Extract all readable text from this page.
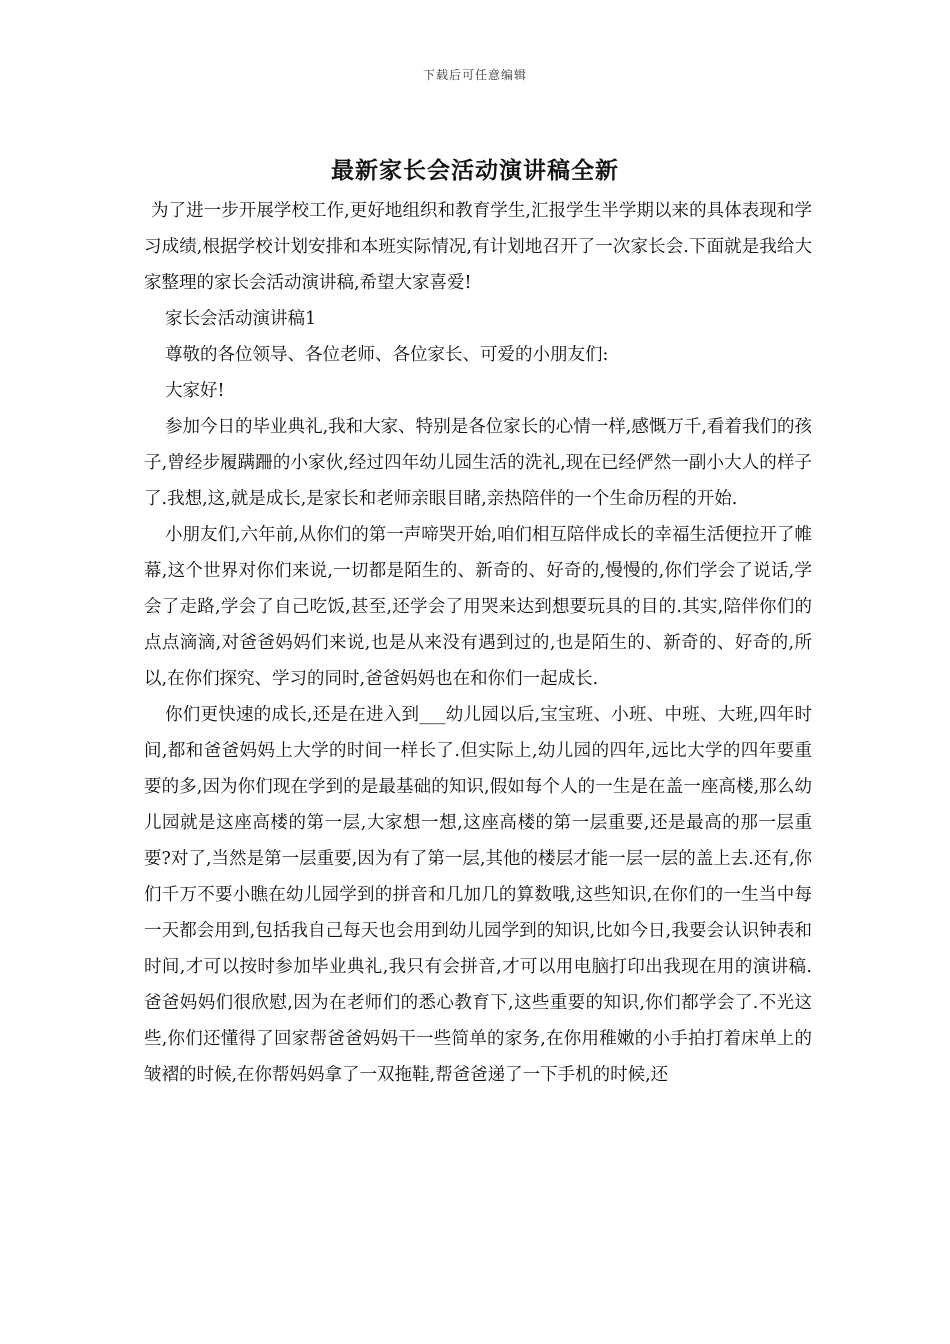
下载后可任意编辑
最新家长会活动演讲稿全新

为了进一步开展学校工作,更好地组织和教育学生,汇报学生半学期以来的具体表现和学习成绩,根据学校计划安排和本班实际情况,有计划地召开了一次家长会.下面就是我给大家整理的家长会活动演讲稿,希望大家喜爱!

家长会活动演讲稿1

尊敬的各位领导、各位老师、各位家长、可爱的小朋友们:

大家好!

参加今日的毕业典礼,我和大家、特别是各位家长的心情一样,感慨万千,看着我们的孩子,曾经步履蹒跚的小家伙,经过四年幼儿园生活的洗礼,现在已经俨然一副小大人的样子了.我想,这,就是成长,是家长和老师亲眼目睹,亲热陪伴的一个生命历程的开始.

小朋友们,六年前,从你们的第一声啼哭开始,咱们相互陪伴成长的幸福生活便拉开了帷幕,这个世界对你们来说,一切都是陌生的、新奇的、好奇的,慢慢的,你们学会了说话,学会了走路,学会了自己吃饭,甚至,还学会了用哭来达到想要玩具的目的.其实,陪伴你们的点点滴滴,对爸爸妈妈们来说,也是从来没有遇到过的,也是陌生的、新奇的、好奇的,所以,在你们探究、学习的同时,爸爸妈妈也在和你们一起成长.

你们更快速的成长,还是在进入到___幼儿园以后,宝宝班、小班、中班、大班,四年时间,都和爸爸妈妈上大学的时间一样长了.但实际上,幼儿园的四年,远比大学的四年要重要的多,因为你们现在学到的是最基础的知识,假如每个人的一生是在盖一座高楼,那么幼儿园就是这座高楼的第一层,大家想一想,这座高楼的第一层重要,还是最高的那一层重要?对了,当然是第一层重要,因为有了第一层,其他的楼层才能一层一层的盖上去.还有,你们千万不要小瞧在幼儿园学到的拼音和几加几的算数哦,这些知识,在你们的一生当中每一天都会用到,包括我自己每天也会用到幼儿园学到的知识,比如今日,我要会认识钟表和时间,才可以按时参加毕业典礼,我只有会拼音,才可以用电脑打印出我现在用的演讲稿.爸爸妈妈们很欣慰,因为在老师们的悉心教育下,这些重要的知识,你们都学会了.不光这些,你们还懂得了回家帮爸爸妈妈干一些简单的家务,在你用稚嫩的小手拍打着床单上的皱褶的时候,在你帮妈妈拿了一双拖鞋,帮爸爸递了一下手机的时候,还
